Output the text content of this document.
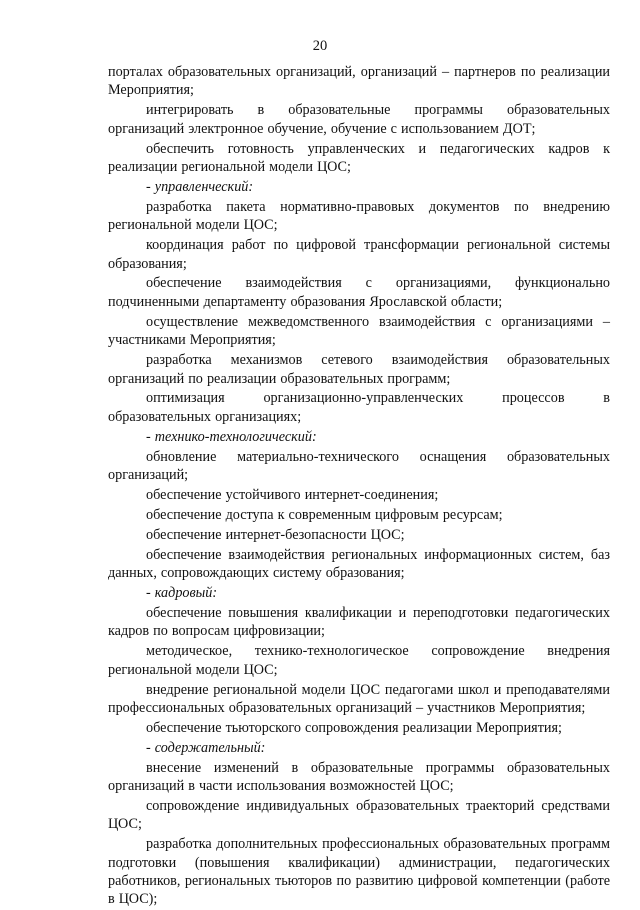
20

порталах образовательных организаций, организаций – партнеров по реализации Мероприятия;

интегрировать в образовательные программы образовательных организаций электронное обучение, обучение с использованием ДОТ;

обеспечить готовность управленческих и педагогических кадров к реализации региональной модели ЦОС;

- управленческий:

разработка пакета нормативно-правовых документов по внедрению региональной модели ЦОС;

координация работ по цифровой трансформации региональной системы образования;

обеспечение взаимодействия с организациями, функционально подчиненными департаменту образования Ярославской области;

осуществление межведомственного взаимодействия с организациями – участниками Мероприятия;

разработка механизмов сетевого взаимодействия образовательных организаций по реализации образовательных программ;

оптимизация организационно-управленческих процессов в образовательных организациях;

- технико-технологический:

обновление материально-технического оснащения образовательных организаций;

обеспечение устойчивого интернет-соединения;

обеспечение доступа к современным цифровым ресурсам;

обеспечение интернет-безопасности ЦОС;

обеспечение взаимодействия региональных информационных систем, баз данных, сопровождающих систему образования;

- кадровый:

обеспечение повышения квалификации и переподготовки педагогических кадров по вопросам цифровизации;

методическое, технико-технологическое сопровождение внедрения региональной модели ЦОС;

внедрение региональной модели ЦОС педагогами школ и преподавателями профессиональных образовательных организаций – участников Мероприятия;

обеспечение тьюторского сопровождения реализации Мероприятия;

- содержательный:

внесение изменений в образовательные программы образовательных организаций в части использования возможностей ЦОС;

сопровождение индивидуальных образовательных траекторий средствами ЦОС;

разработка дополнительных профессиональных образовательных программ подготовки (повышения квалификации) администрации, педагогических работников, региональных тьюторов по развитию цифровой компетенции (работе в ЦОС);
